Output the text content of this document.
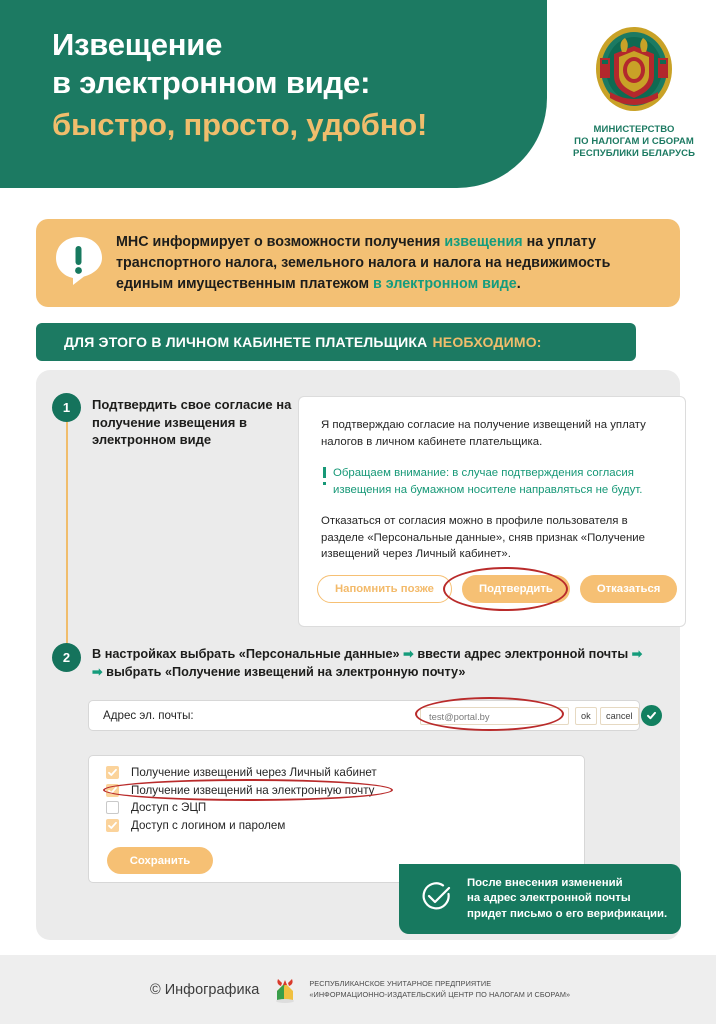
Извещение
в электронном виде:
быстро, просто, удобно!	МИНИСТЕРСТВО
ПО НАЛОГАМ И СБОРАМ
РЕСПУБЛИКИ БЕЛАРУСЬ
МНС информирует о возможности получения извещения на уплату транспортного налога, земельного налога и налога на недвижимость единым имущественным платежом в электронном виде.
ДЛЯ ЭТОГО В ЛИЧНОМ КАБИНЕТЕ ПЛАТЕЛЬЩИКА НЕОБХОДИМО:
1	Подтвердить свое согласие на получение извещения в электронном виде
Я подтверждаю согласие на получение извещений на уплату налогов в личном кабинете плательщика.
Обращаем внимание: в случае подтверждения согласия извещения на бумажном носителе направляться не будут.
Отказаться от согласия можно в профиле пользователя в разделе «Персональные данные», сняв признак «Получение извещений через Личный кабинет».
Напомнить позже	Подтвердить	Отказаться
2	В настройках выбрать «Персональные данные» ➡ ввести адрес электронной почты ➡
➡ выбрать «Получение извещений на электронную почту»
Адрес эл. почты:	test@portal.by	ok	cancel
Получение извещений через Личный кабинет
Получение извещений на электронную почту
Доступ с ЭЦП
Доступ с логином и паролем
Сохранить
После внесения изменений
на адрес электронной почты
придет письмо о его верификации.
© Инфографика	РЕСПУБЛИКАНСКОЕ УНИТАРНОЕ ПРЕДПРИЯТИЕ
«ИНФОРМАЦИОННО-ИЗДАТЕЛЬСКИЙ ЦЕНТР ПО НАЛОГАМ И СБОРАМ»
